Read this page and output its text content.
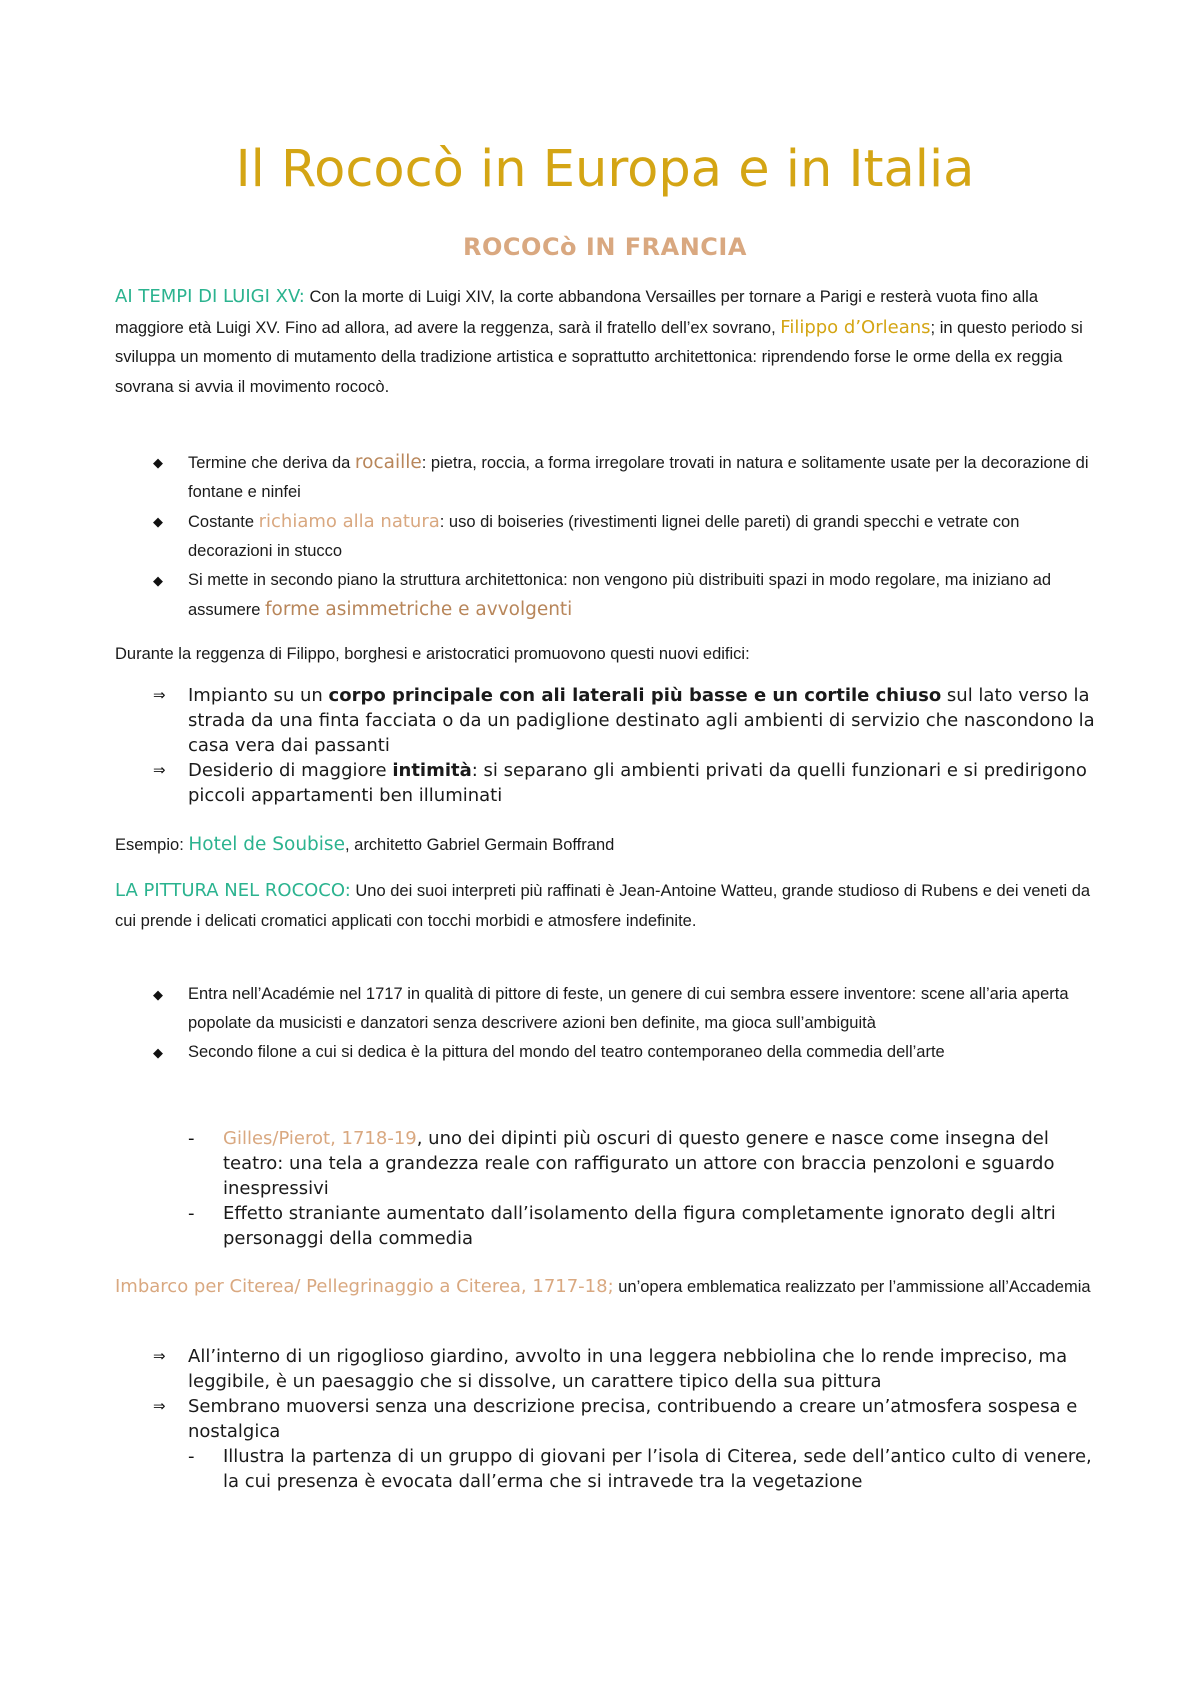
Il Rococò in Europa e in Italia
ROCOCò IN FRANCIA
AI TEMPI DI LUIGI XV: Con la morte di Luigi XIV, la corte abbandona Versailles per tornare a Parigi e resterà vuota fino alla maggiore età Luigi XV. Fino ad allora, ad avere la reggenza, sarà il fratello dell’ex sovrano, Filippo d’Orleans; in questo periodo si sviluppa un momento di mutamento della tradizione artistica e soprattutto architettonica: riprendendo forse le orme della ex reggia sovrana si avvia il movimento rococò.
◆ Termine che deriva da rocaille: pietra, roccia, a forma irregolare trovati in natura e solitamente usate per la decorazione di fontane e ninfei
◆ Costante richiamo alla natura: uso di boiseries (rivestimenti lignei delle pareti) di grandi specchi e vetrate con decorazioni in stucco
◆ Si mette in secondo piano la struttura architettonica: non vengono più distribuiti spazi in modo regolare, ma iniziano ad assumere forme asimmetriche e avvolgenti
Durante la reggenza di Filippo, borghesi e aristocratici promuovono questi nuovi edifici:
⇒ Impianto su un corpo principale con ali laterali più basse e un cortile chiuso sul lato verso la strada da una finta facciata o da un padiglione destinato agli ambienti di servizio che nascondono la casa vera dai passanti
⇒ Desiderio di maggiore intimità: si separano gli ambienti privati da quelli funzionari e si predirigono piccoli appartamenti ben illuminati
Esempio: Hotel de Soubise, architetto Gabriel Germain Boffrand
LA PITTURA NEL ROCOCO: Uno dei suoi interpreti più raffinati è Jean-Antoine Watteu, grande studioso di Rubens e dei veneti da cui prende i delicati cromatici applicati con tocchi morbidi e atmosfere indefinite.
◆ Entra nell’Académie nel 1717 in qualità di pittore di feste, un genere di cui sembra essere inventore: scene all’aria aperta popolate da musicisti e danzatori senza descrivere azioni ben definite, ma gioca sull’ambiguità
◆ Secondo filone a cui si dedica è la pittura del mondo del teatro contemporaneo della commedia dell’arte
- Gilles/Pierot, 1718-19, uno dei dipinti più oscuri di questo genere e nasce come insegna del teatro: una tela a grandezza reale con raffigurato un attore con braccia penzoloni e sguardo inespressivi
- Effetto straniante aumentato dall’isolamento della figura completamente ignorato degli altri personaggi della commedia
Imbarco per Citerea/ Pellegrinaggio a Citerea, 1717-18; un’opera emblematica realizzato per l’ammissione all’Accademia
⇒ All’interno di un rigoglioso giardino, avvolto in una leggera nebbiolina che lo rende impreciso, ma leggibile, è un paesaggio che si dissolve, un carattere tipico della sua pittura
⇒ Sembrano muoversi senza una descrizione precisa, contribuendo a creare un’atmosfera sospesa e nostalgica
- Illustra la partenza di un gruppo di giovani per l’isola di Citerea, sede dell’antico culto di venere, la cui presenza è evocata dall’erma che si intravede tra la vegetazione
